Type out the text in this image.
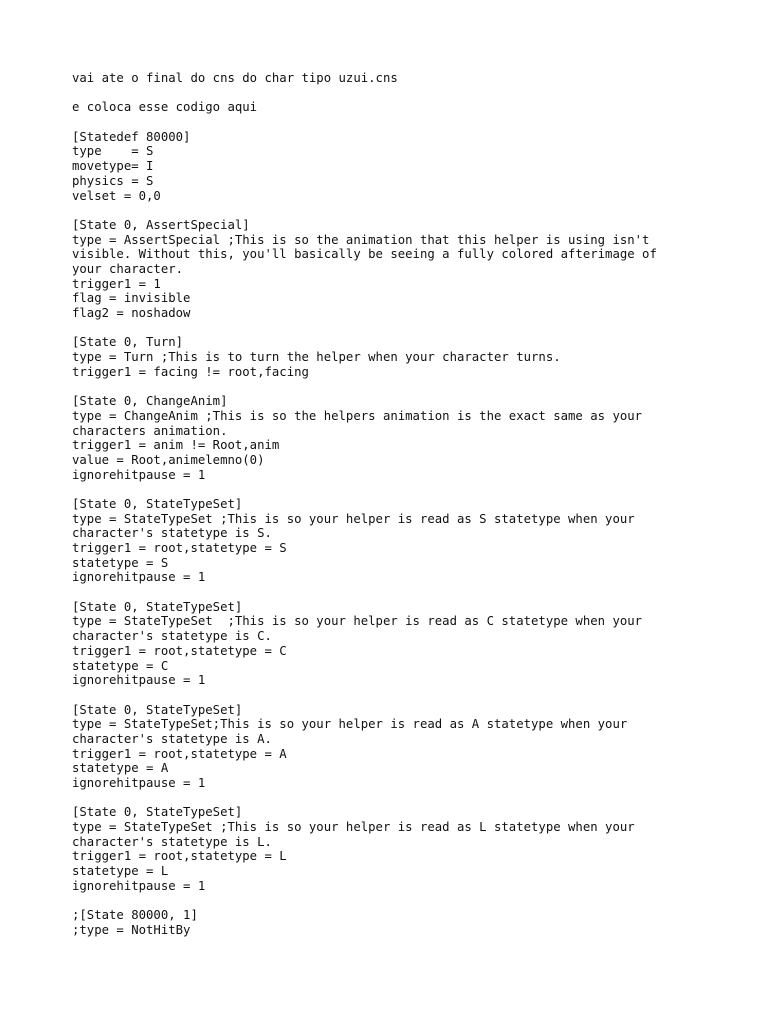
vai ate o final do cns do char tipo uzui.cns
e coloca esse codigo aqui
[Statedef 80000]
type    = S
movetype= I
physics = S
velset = 0,0
[State 0, AssertSpecial]
type = AssertSpecial ;This is so the animation that this helper is using isn't
visible. Without this, you'll basically be seeing a fully colored afterimage of
your character.
trigger1 = 1
flag = invisible
flag2 = noshadow
[State 0, Turn]
type = Turn ;This is to turn the helper when your character turns.
trigger1 = facing != root,facing
[State 0, ChangeAnim]
type = ChangeAnim ;This is so the helpers animation is the exact same as your
characters animation.
trigger1 = anim != Root,anim
value = Root,animelemno(0)
ignorehitpause = 1
[State 0, StateTypeSet]
type = StateTypeSet ;This is so your helper is read as S statetype when your
character's statetype is S.
trigger1 = root,statetype = S
statetype = S
ignorehitpause = 1
[State 0, StateTypeSet]
type = StateTypeSet  ;This is so your helper is read as C statetype when your
character's statetype is C.
trigger1 = root,statetype = C
statetype = C
ignorehitpause = 1
[State 0, StateTypeSet]
type = StateTypeSet;This is so your helper is read as A statetype when your
character's statetype is A.
trigger1 = root,statetype = A
statetype = A
ignorehitpause = 1
[State 0, StateTypeSet]
type = StateTypeSet ;This is so your helper is read as L statetype when your
character's statetype is L.
trigger1 = root,statetype = L
statetype = L
ignorehitpause = 1
;[State 80000, 1]
;type = NotHitBy
